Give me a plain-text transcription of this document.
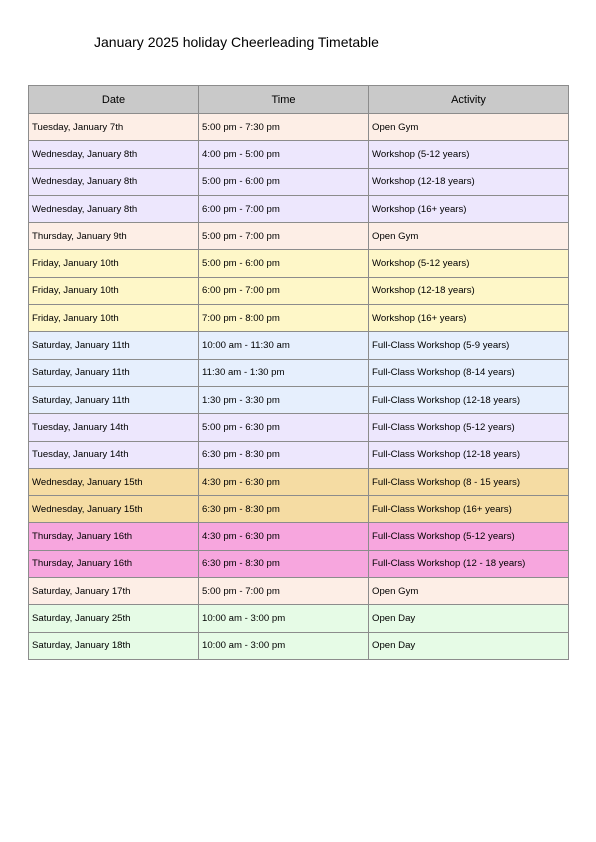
January 2025 holiday Cheerleading Timetable
Date	Time	Activity
Tuesday, January 7th	5:00 pm - 7:30 pm	Open Gym
Wednesday, January 8th	4:00 pm - 5:00 pm	Workshop (5-12 years)
Wednesday, January 8th	5:00 pm - 6:00 pm	Workshop (12-18 years)
Wednesday, January 8th	6:00 pm - 7:00 pm	Workshop (16+ years)
Thursday, January 9th	5:00 pm - 7:00 pm	Open Gym
Friday, January 10th	5:00 pm - 6:00 pm	Workshop (5-12 years)
Friday, January 10th	6:00 pm - 7:00 pm	Workshop (12-18 years)
Friday, January 10th	7:00 pm - 8:00 pm	Workshop (16+ years)
Saturday, January 11th	10:00 am - 11:30 am	Full-Class Workshop (5-9 years)
Saturday, January 11th	11:30 am - 1:30 pm	Full-Class Workshop (8-14 years)
Saturday, January 11th	1:30 pm - 3:30 pm	Full-Class Workshop (12-18 years)
Tuesday, January 14th	5:00 pm - 6:30 pm	Full-Class Workshop (5-12 years)
Tuesday, January 14th	6:30 pm - 8:30 pm	Full-Class Workshop (12-18 years)
Wednesday, January 15th	4:30 pm - 6:30 pm	Full-Class Workshop (8 - 15 years)
Wednesday, January 15th	6:30 pm - 8:30 pm	Full-Class Workshop (16+ years)
Thursday, January 16th	4:30 pm - 6:30 pm	Full-Class Workshop (5-12 years)
Thursday, January 16th	6:30 pm - 8:30 pm	Full-Class Workshop (12 - 18 years)
Saturday, January 17th	5:00 pm - 7:00 pm	Open Gym
Saturday, January 25th	10:00 am - 3:00 pm	Open Day
Saturday, January 18th	10:00 am - 3:00 pm	Open Day
